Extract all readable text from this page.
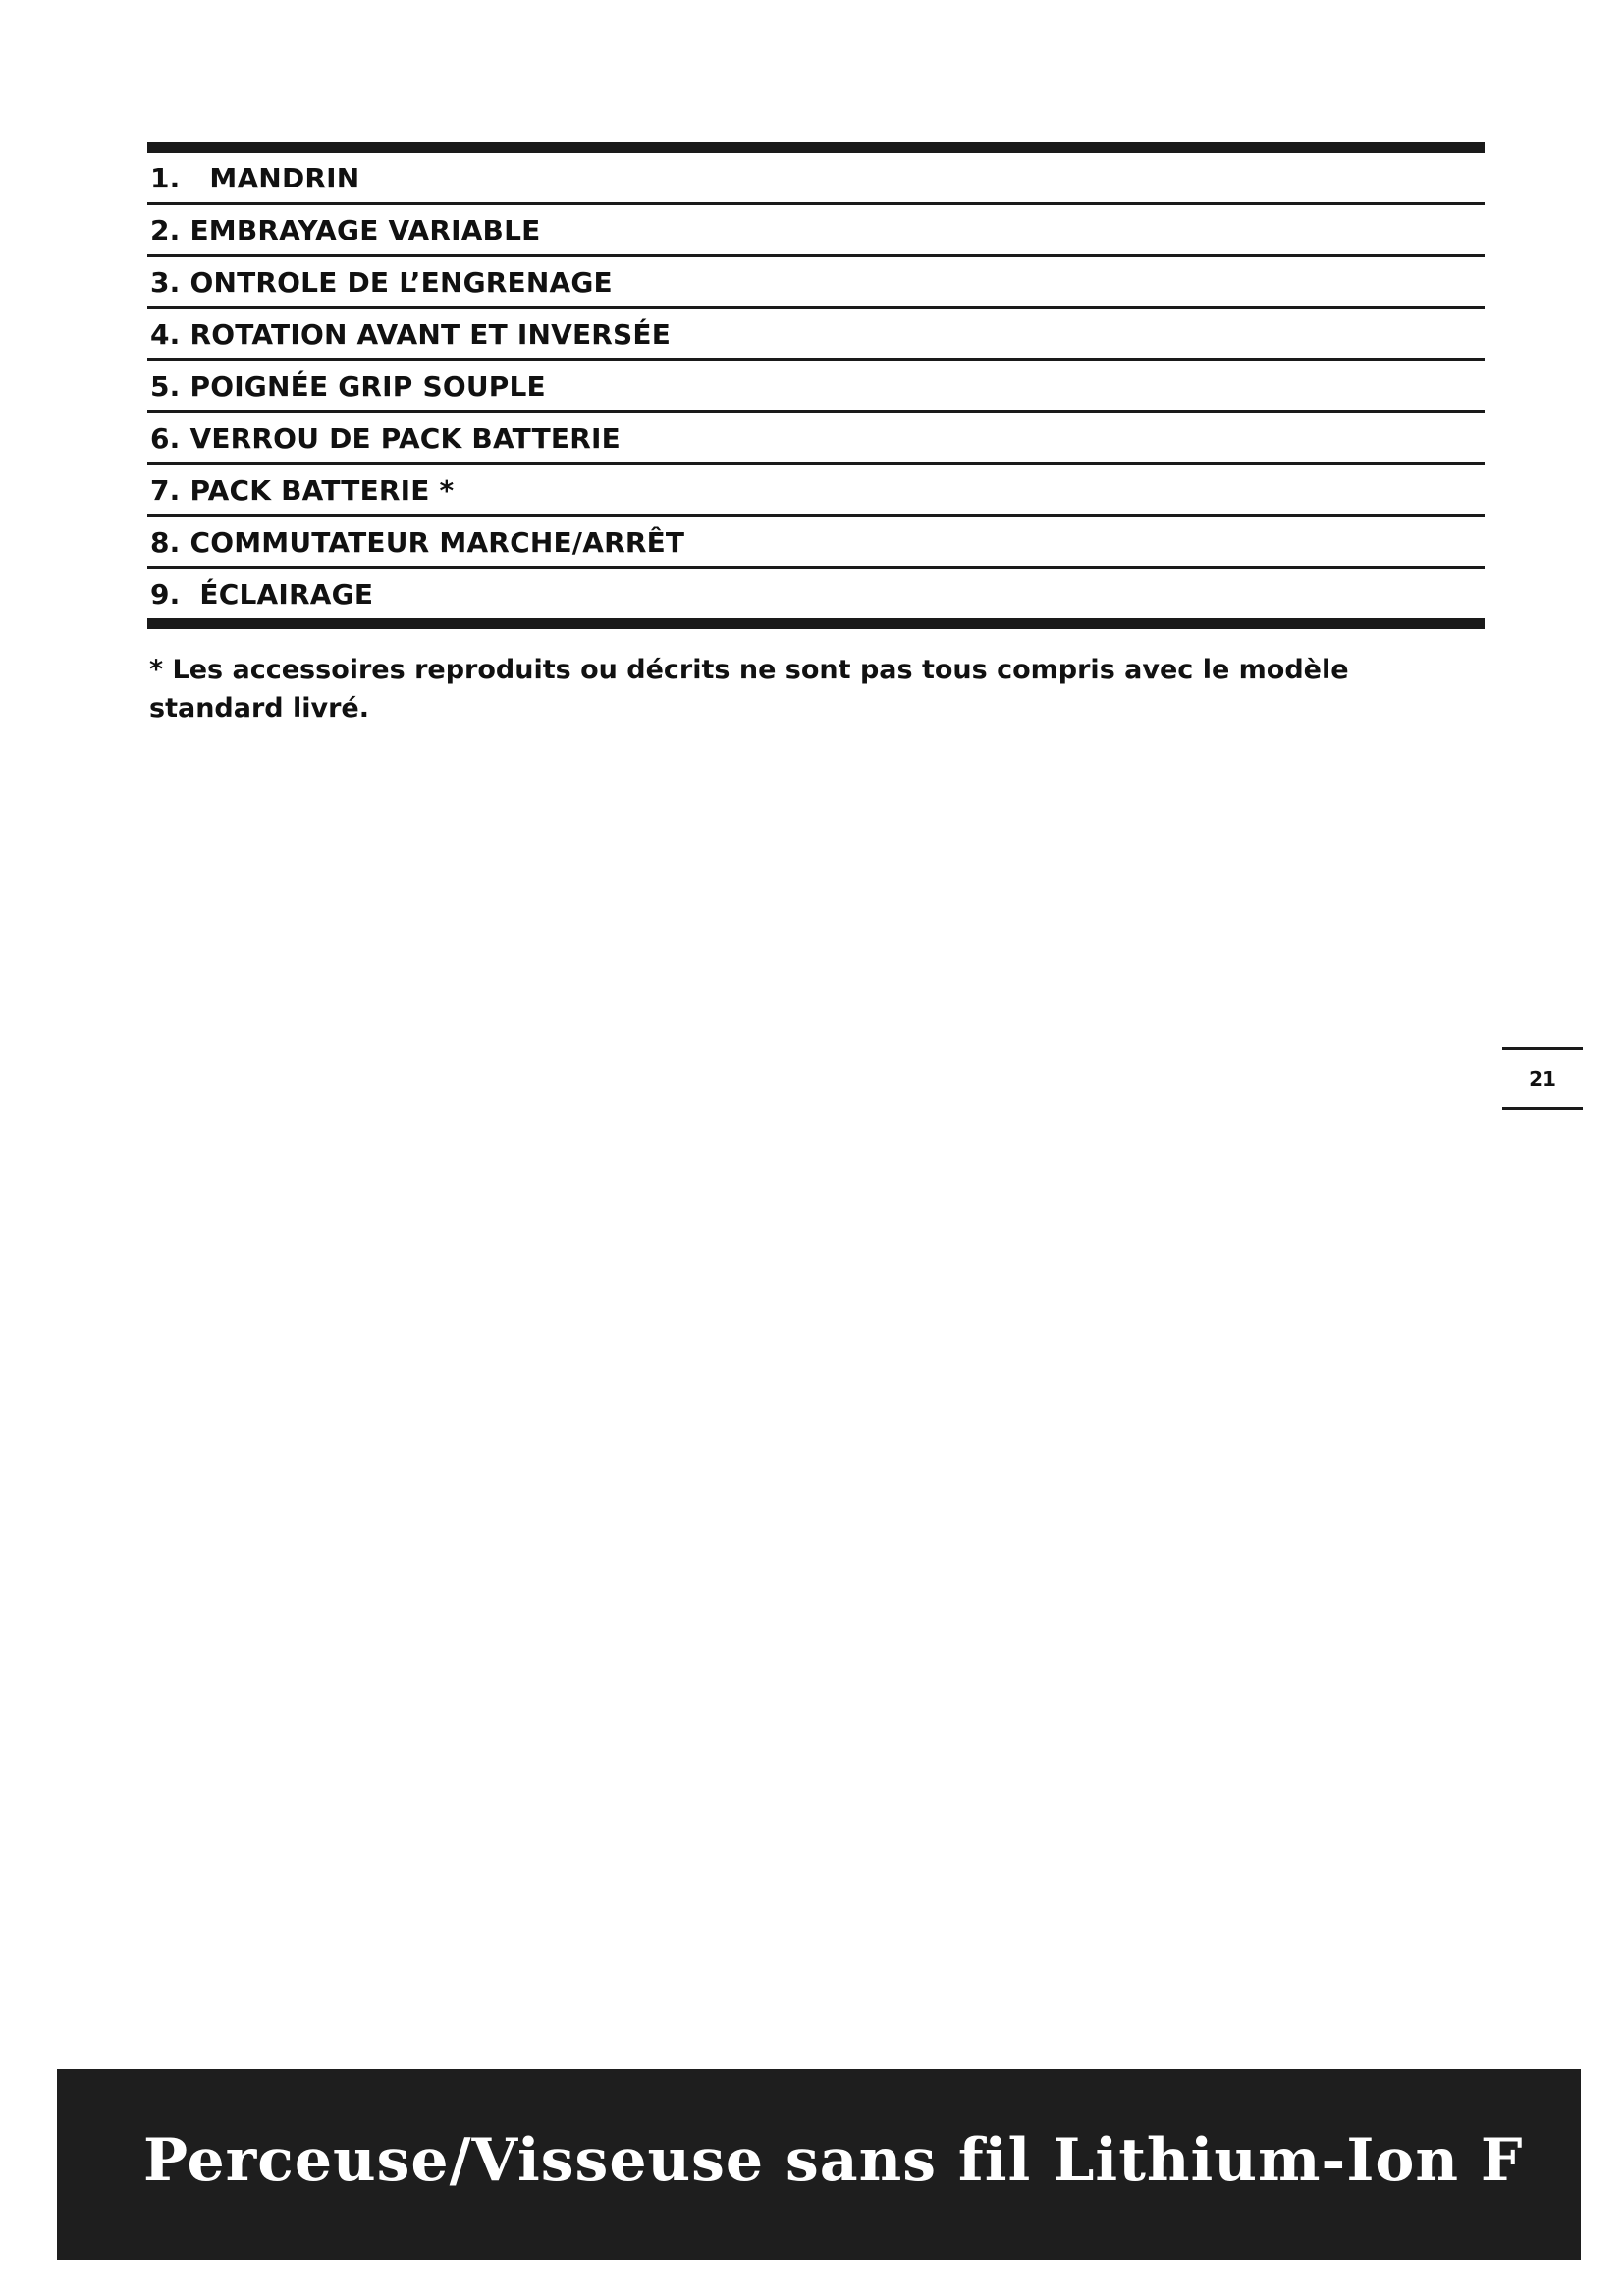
1. MANDRIN
2. EMBRAYAGE VARIABLE
3. ONTROLE DE L’ENGRENAGE
4. ROTATION AVANT ET INVERSÉE
5. POIGNÉE GRIP SOUPLE
6. VERROU DE PACK BATTERIE
7. PACK BATTERIE *
8. COMMUTATEUR MARCHE/ARRÊT
9. ÉCLAIRAGE
* Les accessoires reproduits ou décrits ne sont pas tous compris avec le modèle standard livré.
21
Perceuse/Visseuse sans fil Lithium-Ion F
